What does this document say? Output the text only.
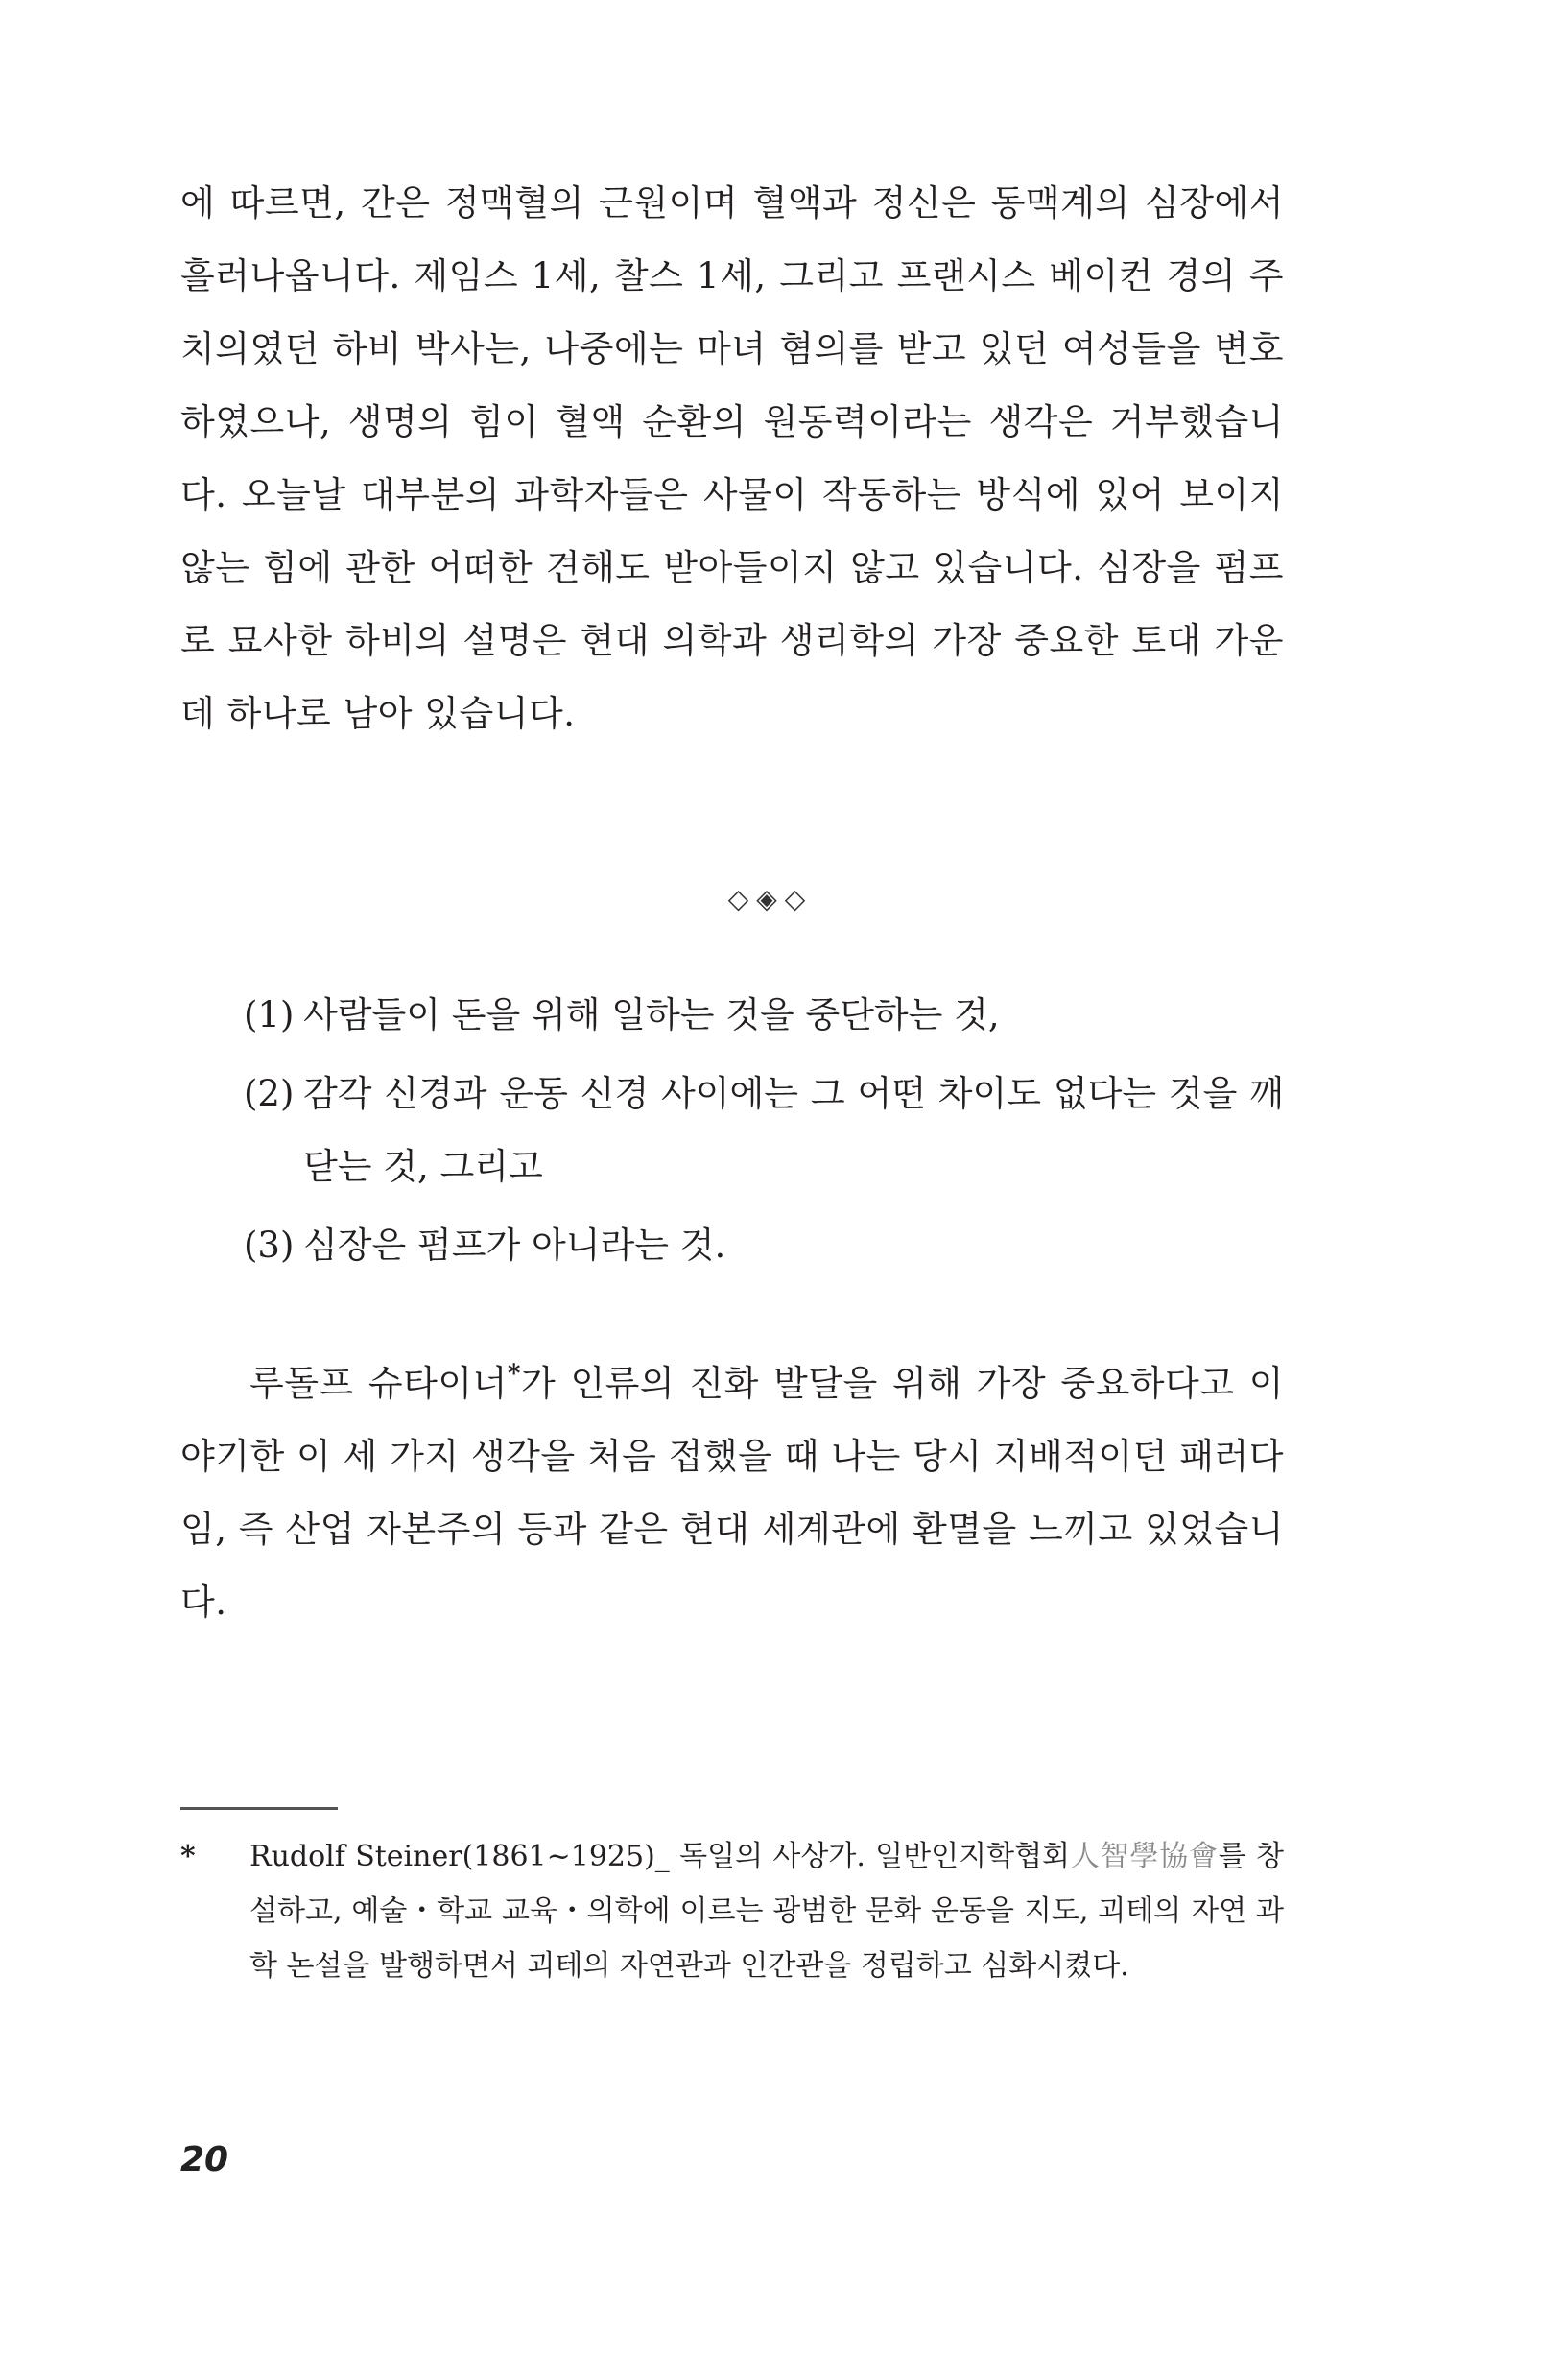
에 따르면, 간은 정맥혈의 근원이며 혈액과 정신은 동맥계의 심장에서 흘러나옵니다. 제임스 1세, 찰스 1세, 그리고 프랜시스 베이컨 경의 주치의였던 하비 박사는, 나중에는 마녀 혐의를 받고 있던 여성들을 변호하였으나, 생명의 힘이 혈액 순환의 원동력이라는 생각은 거부했습니다. 오늘날 대부분의 과학자들은 사물이 작동하는 방식에 있어 보이지 않는 힘에 관한 어떠한 견해도 받아들이지 않고 있습니다. 심장을 펌프로 묘사한 하비의 설명은 현대 의학과 생리학의 가장 중요한 토대 가운데 하나로 남아 있습니다.

◇◈◇
(1) 사람들이 돈을 위해 일하는 것을 중단하는 것,
(2) 감각 신경과 운동 신경 사이에는 그 어떤 차이도 없다는 것을 깨닫는 것, 그리고
(3) 심장은 펌프가 아니라는 것.

루돌프 슈타이너*가 인류의 진화 발달을 위해 가장 중요하다고 이야기한 이 세 가지 생각을 처음 접했을 때 나는 당시 지배적이던 패러다임, 즉 산업 자본주의 등과 같은 현대 세계관에 환멸을 느끼고 있었습니다.

* Rudolf Steiner(1861~1925)_ 독일의 사상가. 일반인지학협회人智學協會를 창설하고, 예술・학교 교육・의학에 이르는 광범한 문화 운동을 지도, 괴테의 자연 과학 논설을 발행하면서 괴테의 자연관과 인간관을 정립하고 심화시켰다.
20
